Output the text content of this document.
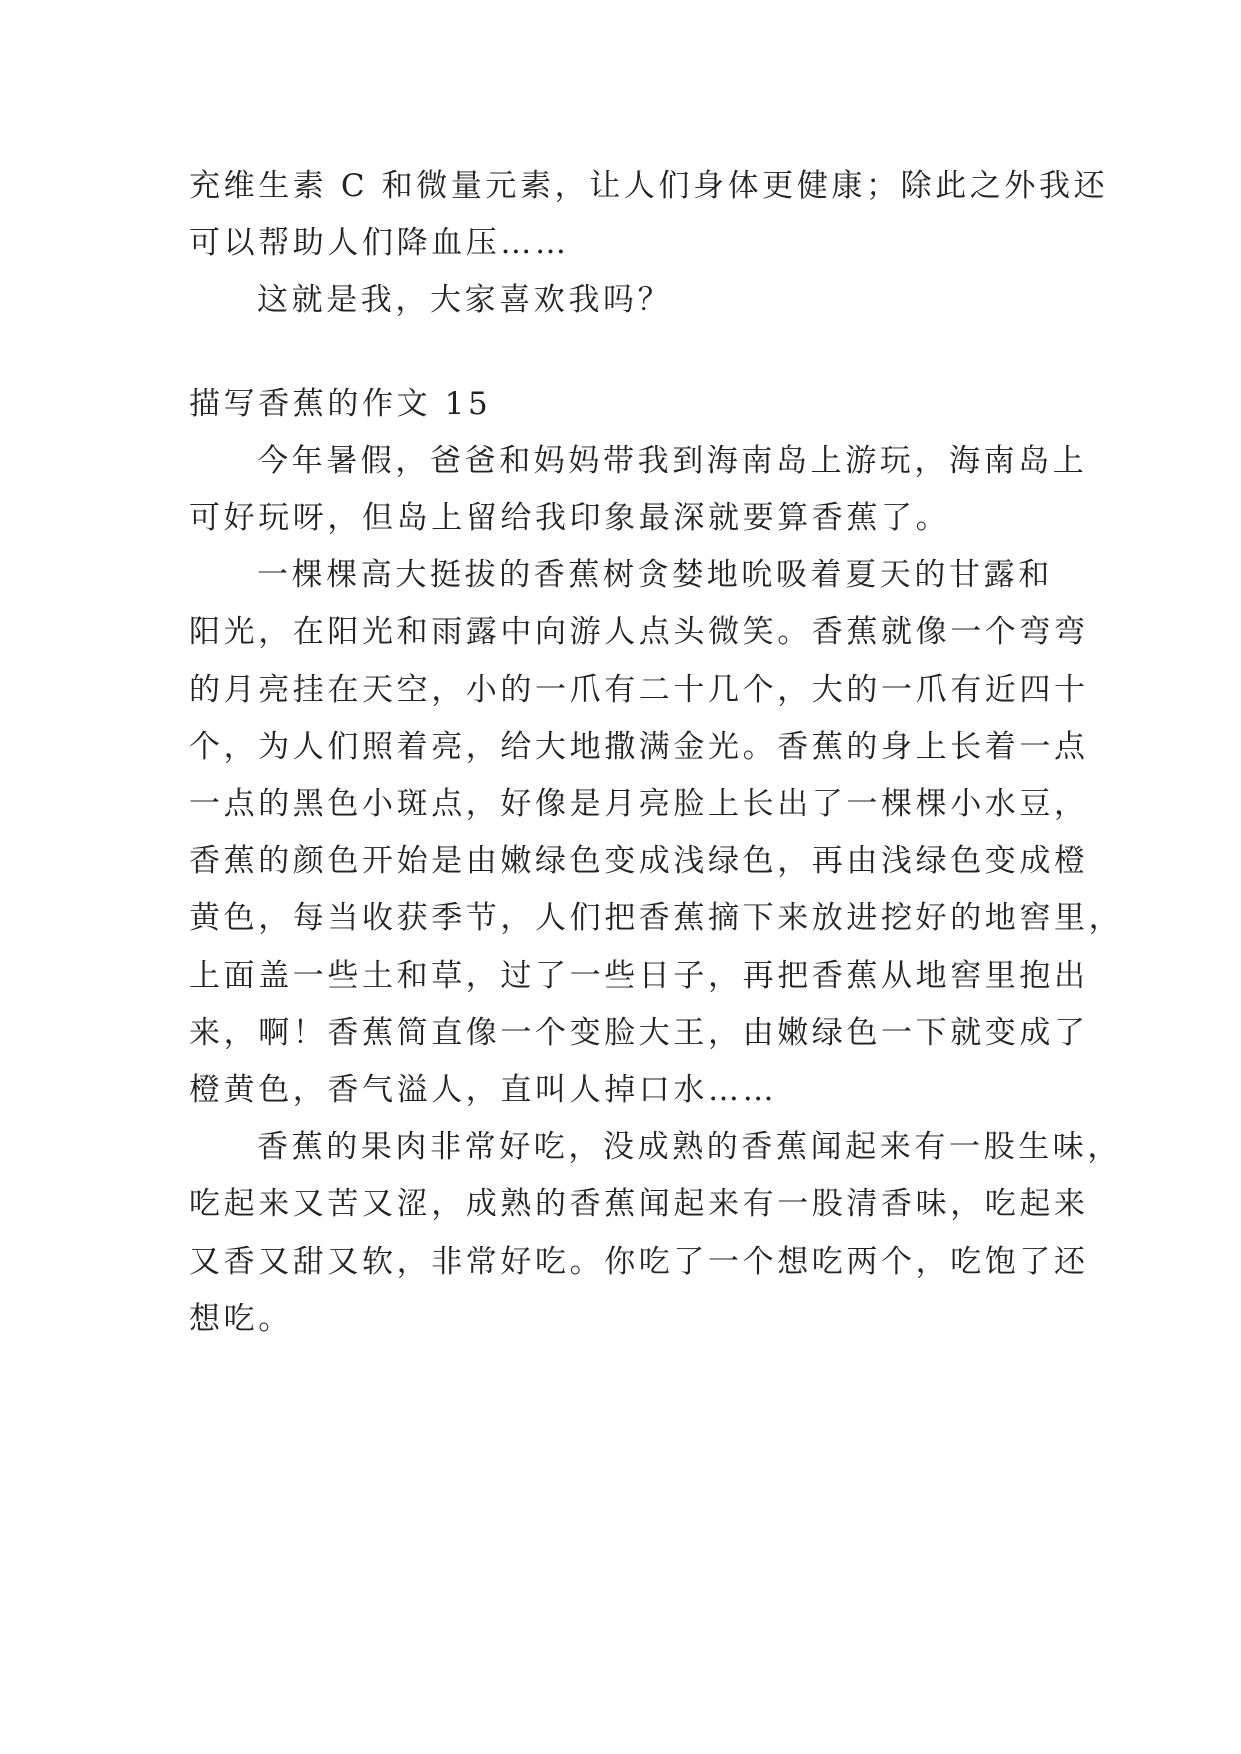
充维生素 C 和微量元素，让人们身体更健康；除此之外我还

可以帮助人们降血压……

这就是我，大家喜欢我吗？

描写香蕉的作文 15

今年暑假，爸爸和妈妈带我到海南岛上游玩，海南岛上

可好玩呀，但岛上留给我印象最深就要算香蕉了。

一棵棵高大挺拔的香蕉树贪婪地吮吸着夏天的甘露和

阳光，在阳光和雨露中向游人点头微笑。香蕉就像一个弯弯

的月亮挂在天空，小的一爪有二十几个，大的一爪有近四十

个，为人们照着亮，给大地撒满金光。香蕉的身上长着一点

一点的黑色小斑点，好像是月亮脸上长出了一棵棵小水豆，

香蕉的颜色开始是由嫩绿色变成浅绿色，再由浅绿色变成橙

黄色，每当收获季节，人们把香蕉摘下来放进挖好的地窖里，

上面盖一些土和草，过了一些日子，再把香蕉从地窖里抱出

来，啊！香蕉简直像一个变脸大王，由嫩绿色一下就变成了

橙黄色，香气溢人，直叫人掉口水……

香蕉的果肉非常好吃，没成熟的香蕉闻起来有一股生味，

吃起来又苦又涩，成熟的香蕉闻起来有一股清香味，吃起来

又香又甜又软，非常好吃。你吃了一个想吃两个，吃饱了还

想吃。
